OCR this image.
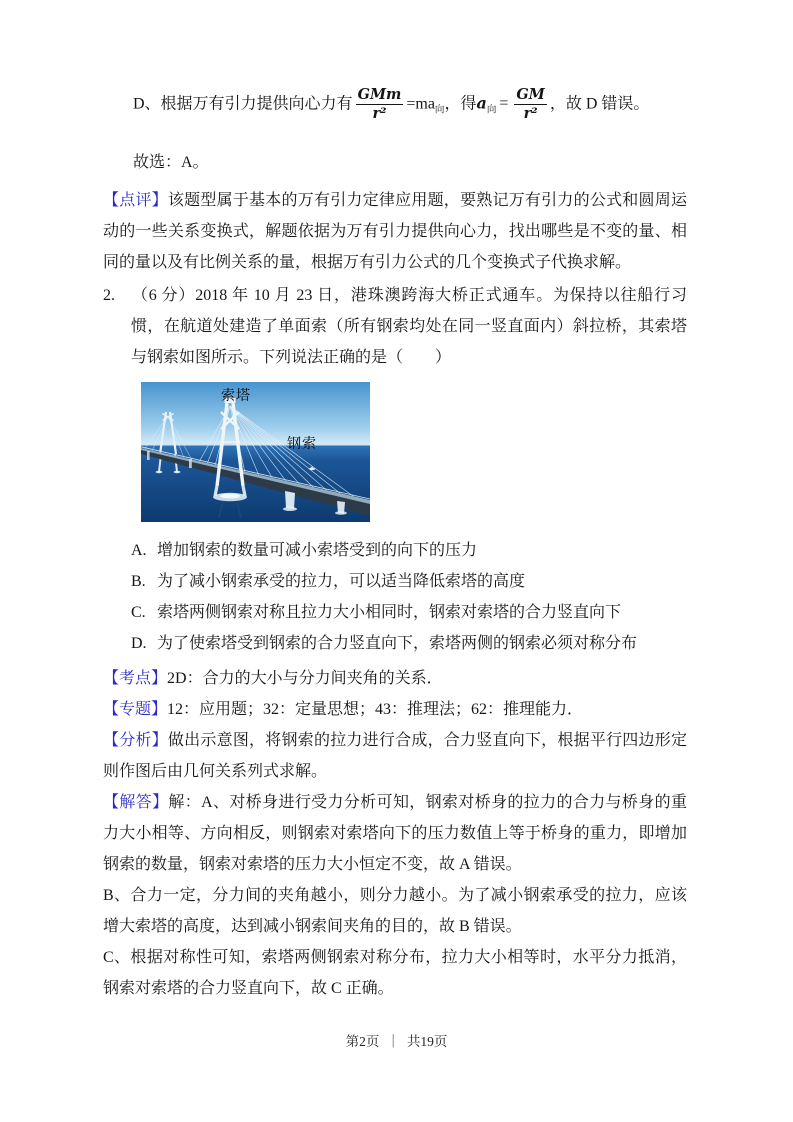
D、根据万有引力提供向心力有 $\frac{\text{GMm}}{\text{r²}} =ma_向$，得$a_向 = \frac{GM}{\text{r²}}$ ，故 D 错误。

故选：A。

【点评】该题型属于基本的万有引力定律应用题，要熟记万有引力的公式和圆周运动的一些关系变换式，解题依据为万有引力提供向心力，找出哪些是不变的量、相同的量以及有比例关系的量，根据万有引力公式的几个变换式子代换求解。

2. （6 分）2018 年 10 月 23 日，港珠澳跨海大桥正式通车。为保持以往船行习惯，在航道处建造了单面索（所有钢索均处在同一竖直面内）斜拉桥，其索塔与钢索如图所示。下列说法正确的是（　　）

索塔
钢索

A. 增加钢索的数量可减小索塔受到的向下的压力

B. 为了减小钢索承受的拉力，可以适当降低索塔的高度

C. 索塔两侧钢索对称且拉力大小相同时，钢索对索塔的合力竖直向下

D. 为了使索塔受到钢索的合力竖直向下，索塔两侧的钢索必须对称分布

【考点】2D：合力的大小与分力间夹角的关系．

【专题】12：应用题；32：定量思想；43：推理法；62：推理能力．

【分析】做出示意图，将钢索的拉力进行合成，合力竖直向下，根据平行四边形定则作图后由几何关系列式求解。

【解答】解：A、对桥身进行受力分析可知，钢索对桥身的拉力的合力与桥身的重力大小相等、方向相反，则钢索对索塔向下的压力数值上等于桥身的重力，即增加钢索的数量，钢索对索塔的压力大小恒定不变，故 A 错误。

B、合力一定，分力间的夹角越小，则分力越小。为了减小钢索承受的拉力，应该增大索塔的高度，达到减小钢索间夹角的目的，故 B 错误。

C、根据对称性可知，索塔两侧钢索对称分布，拉力大小相等时，水平分力抵消，钢索对索塔的合力竖直向下，故 C 正确。

第2页 ｜ 共19页
